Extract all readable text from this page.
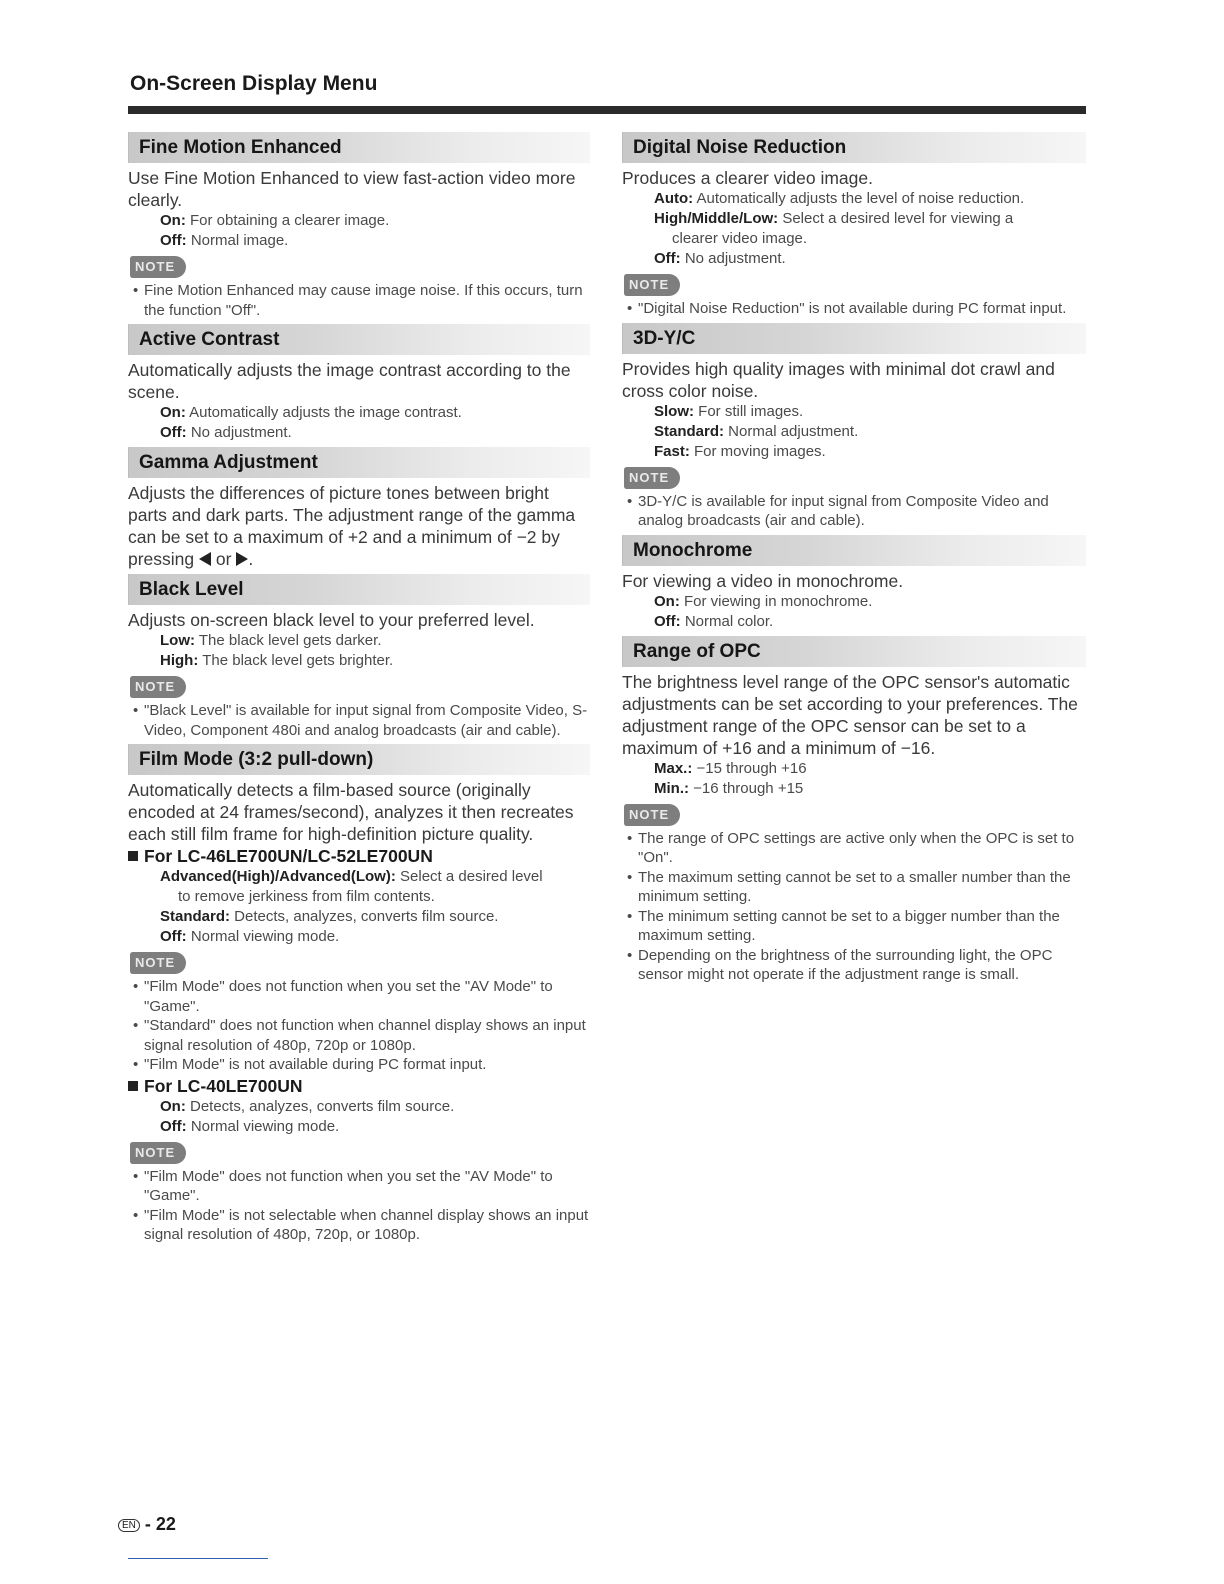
On-Screen Display Menu
Fine Motion Enhanced
Use Fine Motion Enhanced to view fast-action video more clearly.
On: For obtaining a clearer image.
Off: Normal image.
NOTE
• Fine Motion Enhanced may cause image noise. If this occurs, turn the function "Off".
Active Contrast
Automatically adjusts the image contrast according to the scene.
On: Automatically adjusts the image contrast.
Off: No adjustment.
Gamma Adjustment
Adjusts the differences of picture tones between bright parts and dark parts. The adjustment range of the gamma can be set to a maximum of +2 and a minimum of −2 by pressing  or .
Black Level
Adjusts on-screen black level to your preferred level.
Low: The black level gets darker.
High: The black level gets brighter.
NOTE
• "Black Level" is available for input signal from Composite Video, S-Video, Component 480i and analog broadcasts (air and cable).
Film Mode (3:2 pull-down)
Automatically detects a film-based source (originally encoded at 24 frames/second), analyzes it then recreates each still film frame for high-definition picture quality.
For LC-46LE700UN/LC-52LE700UN
Advanced(High)/Advanced(Low): Select a desired level
to remove jerkiness from film contents.
Standard: Detects, analyzes, converts film source.
Off: Normal viewing mode.
NOTE
• "Film Mode" does not function when you set the "AV Mode" to "Game".
• "Standard" does not function when channel display shows an input signal resolution of 480p, 720p or 1080p.
• "Film Mode" is not available during PC format input.
For LC-40LE700UN
On: Detects, analyzes, converts film source.
Off: Normal viewing mode.
NOTE
• "Film Mode" does not function when you set the "AV Mode" to "Game".
• "Film Mode" is not selectable when channel display shows an input signal resolution of 480p, 720p, or 1080p.
Digital Noise Reduction
Produces a clearer video image.
Auto: Automatically adjusts the level of noise reduction.
High/Middle/Low: Select a desired level for viewing a
clearer video image.
Off: No adjustment.
NOTE
• "Digital Noise Reduction" is not available during PC format input.
3D-Y/C
Provides high quality images with minimal dot crawl and cross color noise.
Slow: For still images.
Standard: Normal adjustment.
Fast: For moving images.
NOTE
• 3D-Y/C is available for input signal from Composite Video and analog broadcasts (air and cable).
Monochrome
For viewing a video in monochrome.
On: For viewing in monochrome.
Off: Normal color.
Range of OPC
The brightness level range of the OPC sensor's automatic adjustments can be set according to your preferences. The adjustment range of the OPC sensor can be set to a maximum of +16 and a minimum of −16.
Max.: −15 through +16
Min.: −16 through +15
NOTE
• The range of OPC settings are active only when the OPC is set to "On".
• The maximum setting cannot be set to a smaller number than the minimum setting.
• The minimum setting cannot be set to a bigger number than the maximum setting.
• Depending on the brightness of the surrounding light, the OPC sensor might not operate if the adjustment range is small.
EN - 22
